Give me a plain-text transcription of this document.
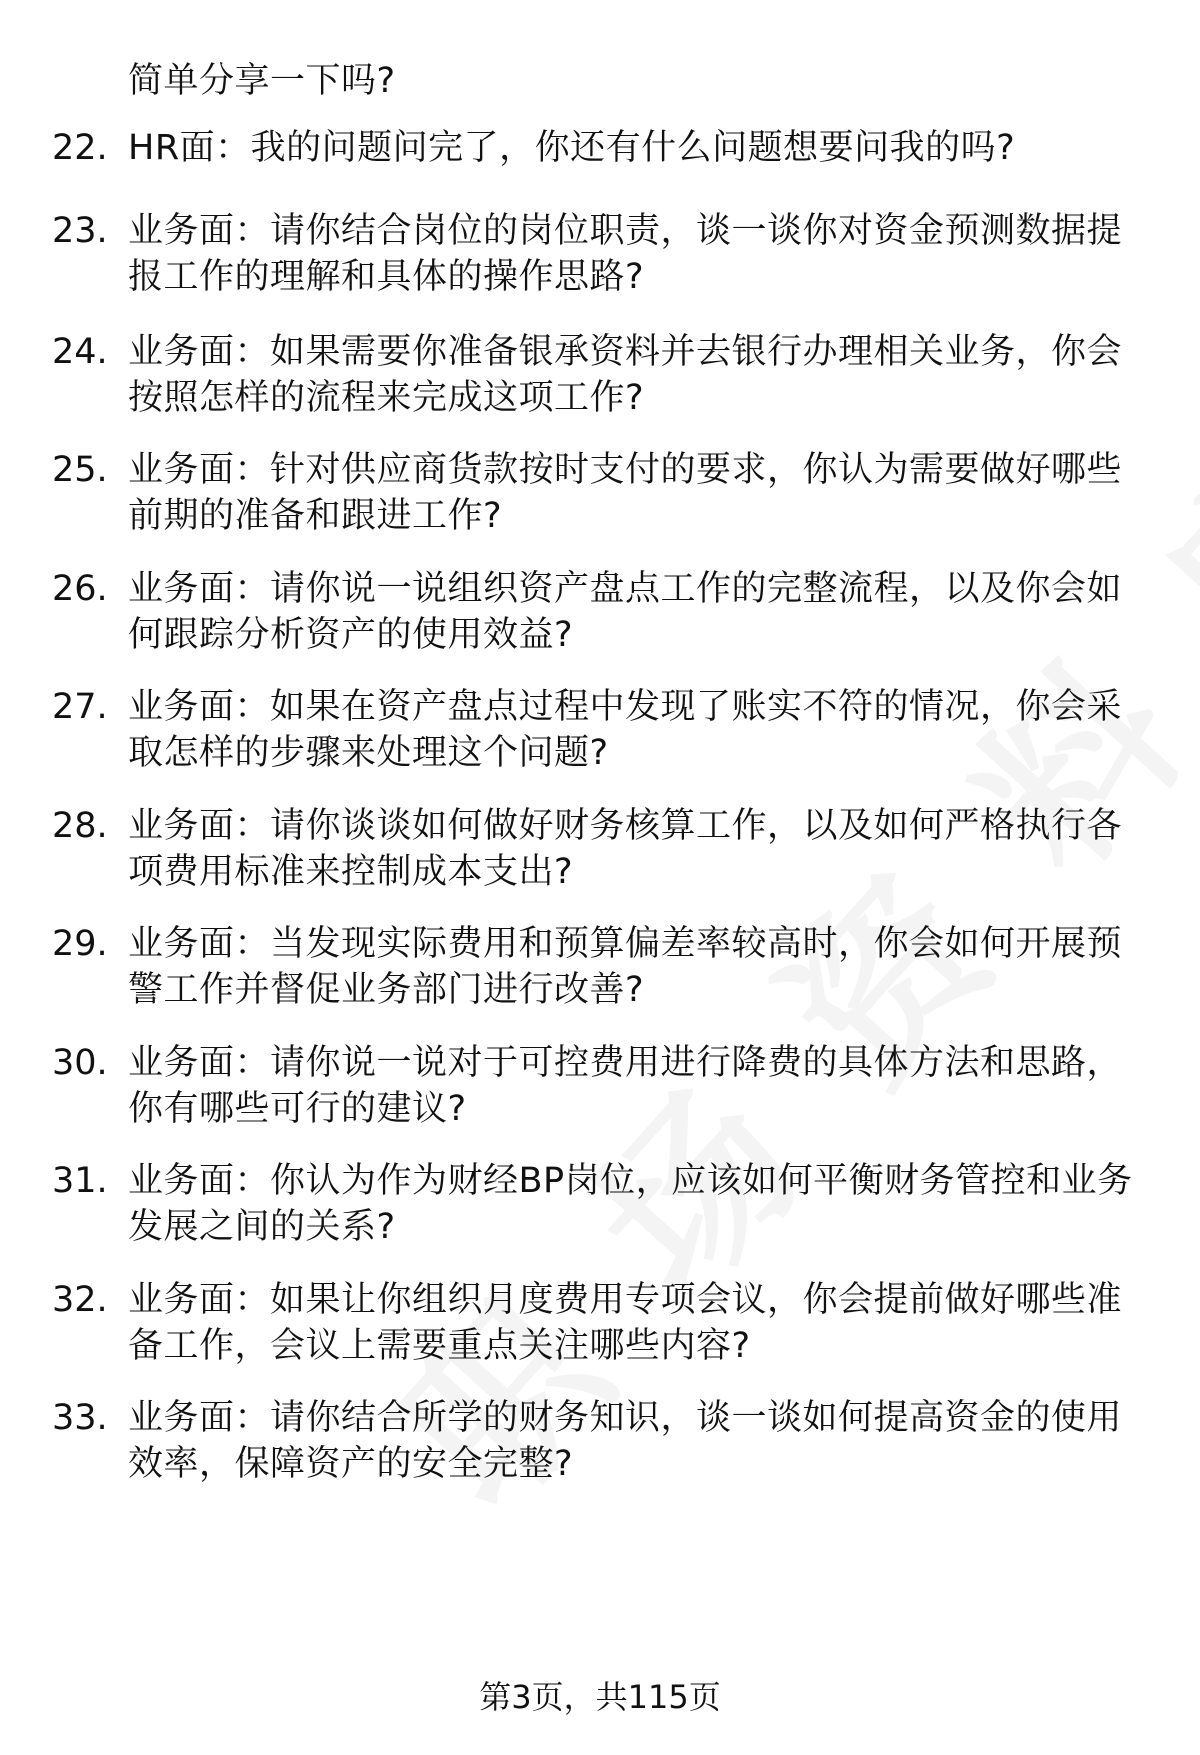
简单分享一下吗?
22. HR面：我的问题问完了，你还有什么问题想要问我的吗?
23. 业务面：请你结合岗位的岗位职责，谈一谈你对资金预测数据提
报工作的理解和具体的操作思路?
24. 业务面：如果需要你准备银承资料并去银行办理相关业务，你会
按照怎样的流程来完成这项工作?
25. 业务面：针对供应商货款按时支付的要求，你认为需要做好哪些
前期的准备和跟进工作?
26. 业务面：请你说一说组织资产盘点工作的完整流程，以及你会如
何跟踪分析资产的使用效益?
27. 业务面：如果在资产盘点过程中发现了账实不符的情况，你会采
取怎样的步骤来处理这个问题?
28. 业务面：请你谈谈如何做好财务核算工作，以及如何严格执行各
项费用标准来控制成本支出?
29. 业务面：当发现实际费用和预算偏差率较高时，你会如何开展预
警工作并督促业务部门进行改善?
30. 业务面：请你说一说对于可控费用进行降费的具体方法和思路，
你有哪些可行的建议?
31. 业务面：你认为作为财经BP岗位，应该如何平衡财务管控和业务
发展之间的关系?
32. 业务面：如果让你组织月度费用专项会议，你会提前做好哪些准
备工作，会议上需要重点关注哪些内容?
33. 业务面：请你结合所学的财务知识，谈一谈如何提高资金的使用
效率，保障资产的安全完整?
第3页，共115页
